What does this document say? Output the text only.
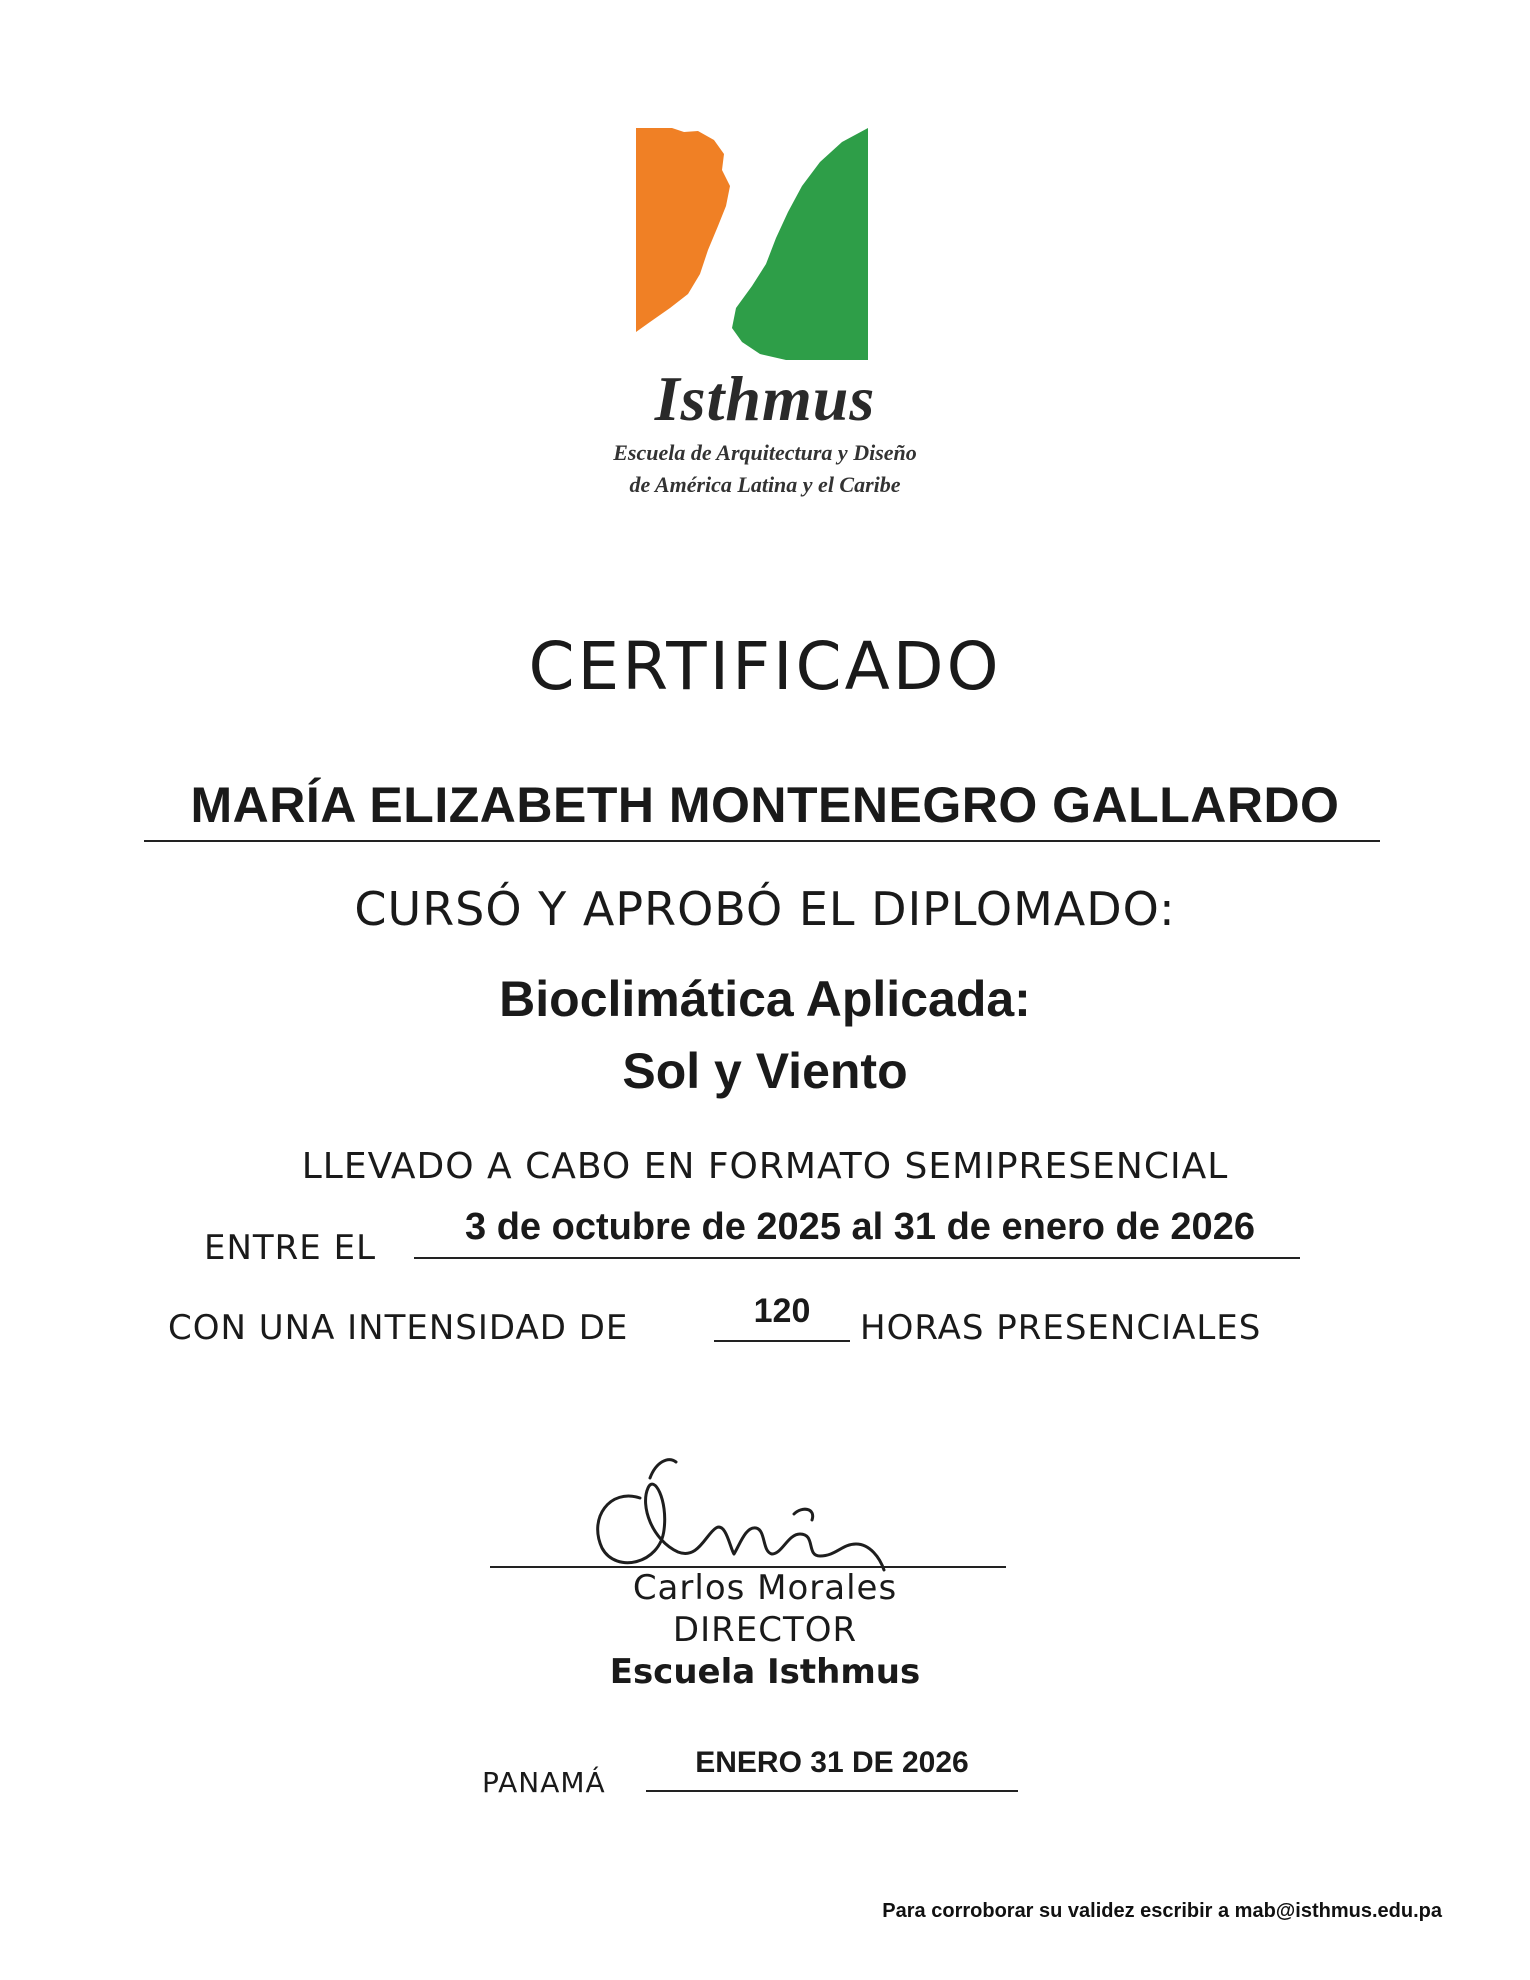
Isthmus
Escuela de Arquitectura y Diseño
de América Latina y el Caribe
CERTIFICADO
MARÍA ELIZABETH MONTENEGRO GALLARDO
CURSÓ Y APROBÓ EL DIPLOMADO:
Bioclimática Aplicada:
Sol y Viento
LLEVADO A CABO EN FORMATO SEMIPRESENCIAL
ENTRE EL	3 de octubre de 2025 al 31 de enero de 2026
CON UNA INTENSIDAD DE	120	HORAS PRESENCIALES
Carlos Morales
DIRECTOR
Escuela Isthmus
PANAMÁ
ENERO 31 DE 2026
Para corroborar su validez escribir a mab@isthmus.edu.pa
